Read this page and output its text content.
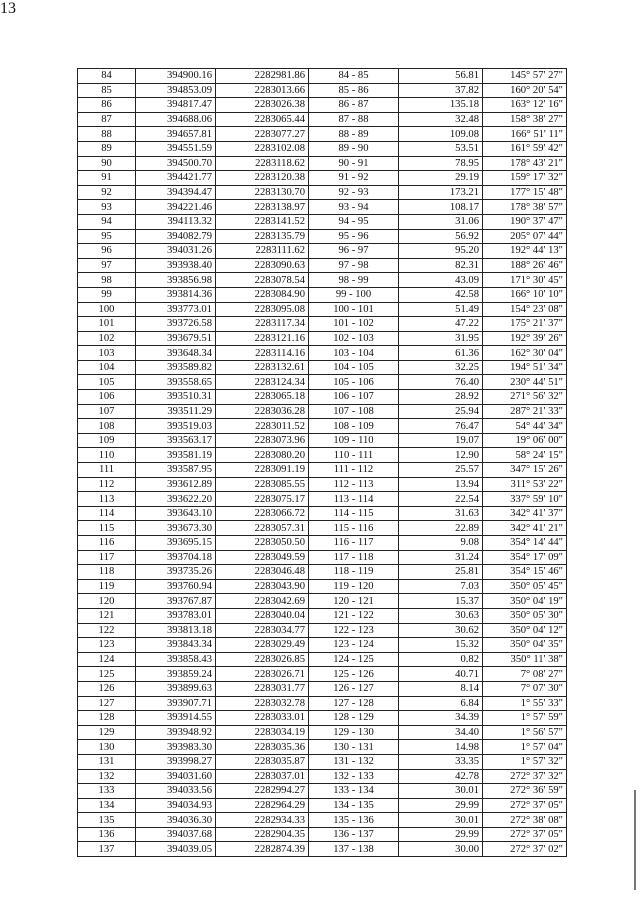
13
84	394900.16	2282981.86	84 - 85	56.81	145° 57' 27"
85	394853.09	2283013.66	85 - 86	37.82	160° 20' 54"
86	394817.47	2283026.38	86 - 87	135.18	163° 12' 16"
87	394688.06	2283065.44	87 - 88	32.48	158° 38' 27"
88	394657.81	2283077.27	88 - 89	109.08	166° 51' 11"
89	394551.59	2283102.08	89 - 90	53.51	161° 59' 42"
90	394500.70	2283118.62	90 - 91	78.95	178° 43' 21"
91	394421.77	2283120.38	91 - 92	29.19	159° 17' 32"
92	394394.47	2283130.70	92 - 93	173.21	177° 15' 48"
93	394221.46	2283138.97	93 - 94	108.17	178° 38' 57"
94	394113.32	2283141.52	94 - 95	31.06	190° 37' 47"
95	394082.79	2283135.79	95 - 96	56.92	205° 07' 44"
96	394031.26	2283111.62	96 - 97	95.20	192° 44' 13"
97	393938.40	2283090.63	97 - 98	82.31	188° 26' 46"
98	393856.98	2283078.54	98 - 99	43.09	171° 30' 45"
99	393814.36	2283084.90	99 - 100	42.58	166° 10' 10"
100	393773.01	2283095.08	100 - 101	51.49	154° 23' 08"
101	393726.58	2283117.34	101 - 102	47.22	175° 21' 37"
102	393679.51	2283121.16	102 - 103	31.95	192° 39' 26"
103	393648.34	2283114.16	103 - 104	61.36	162° 30' 04"
104	393589.82	2283132.61	104 - 105	32.25	194° 51' 34"
105	393558.65	2283124.34	105 - 106	76.40	230° 44' 51"
106	393510.31	2283065.18	106 - 107	28.92	271° 56' 32"
107	393511.29	2283036.28	107 - 108	25.94	287° 21' 33"
108	393519.03	2283011.52	108 - 109	76.47	54° 44' 34"
109	393563.17	2283073.96	109 - 110	19.07	19° 06' 00"
110	393581.19	2283080.20	110 - 111	12.90	58° 24' 15"
111	393587.95	2283091.19	111 - 112	25.57	347° 15' 26"
112	393612.89	2283085.55	112 - 113	13.94	311° 53' 22"
113	393622.20	2283075.17	113 - 114	22.54	337° 59' 10"
114	393643.10	2283066.72	114 - 115	31.63	342° 41' 37"
115	393673.30	2283057.31	115 - 116	22.89	342° 41' 21"
116	393695.15	2283050.50	116 - 117	9.08	354° 14' 44"
117	393704.18	2283049.59	117 - 118	31.24	354° 17' 09"
118	393735.26	2283046.48	118 - 119	25.81	354° 15' 46"
119	393760.94	2283043.90	119 - 120	7.03	350° 05' 45"
120	393767.87	2283042.69	120 - 121	15.37	350° 04' 19"
121	393783.01	2283040.04	121 - 122	30.63	350° 05' 30"
122	393813.18	2283034.77	122 - 123	30.62	350° 04' 12"
123	393843.34	2283029.49	123 - 124	15.32	350° 04' 35"
124	393858.43	2283026.85	124 - 125	0.82	350° 11' 38"
125	393859.24	2283026.71	125 - 126	40.71	7° 08' 27"
126	393899.63	2283031.77	126 - 127	8.14	7° 07' 30"
127	393907.71	2283032.78	127 - 128	6.84	1° 55' 33"
128	393914.55	2283033.01	128 - 129	34.39	1° 57' 59"
129	393948.92	2283034.19	129 - 130	34.40	1° 56' 57"
130	393983.30	2283035.36	130 - 131	14.98	1° 57' 04"
131	393998.27	2283035.87	131 - 132	33.35	1° 57' 32"
132	394031.60	2283037.01	132 - 133	42.78	272° 37' 32"
133	394033.56	2282994.27	133 - 134	30.01	272° 36' 59"
134	394034.93	2282964.29	134 - 135	29.99	272° 37' 05"
135	394036.30	2282934.33	135 - 136	30.01	272° 38' 08"
136	394037.68	2282904.35	136 - 137	29.99	272° 37' 05"
137	394039.05	2282874.39	137 - 138	30.00	272° 37' 02"
